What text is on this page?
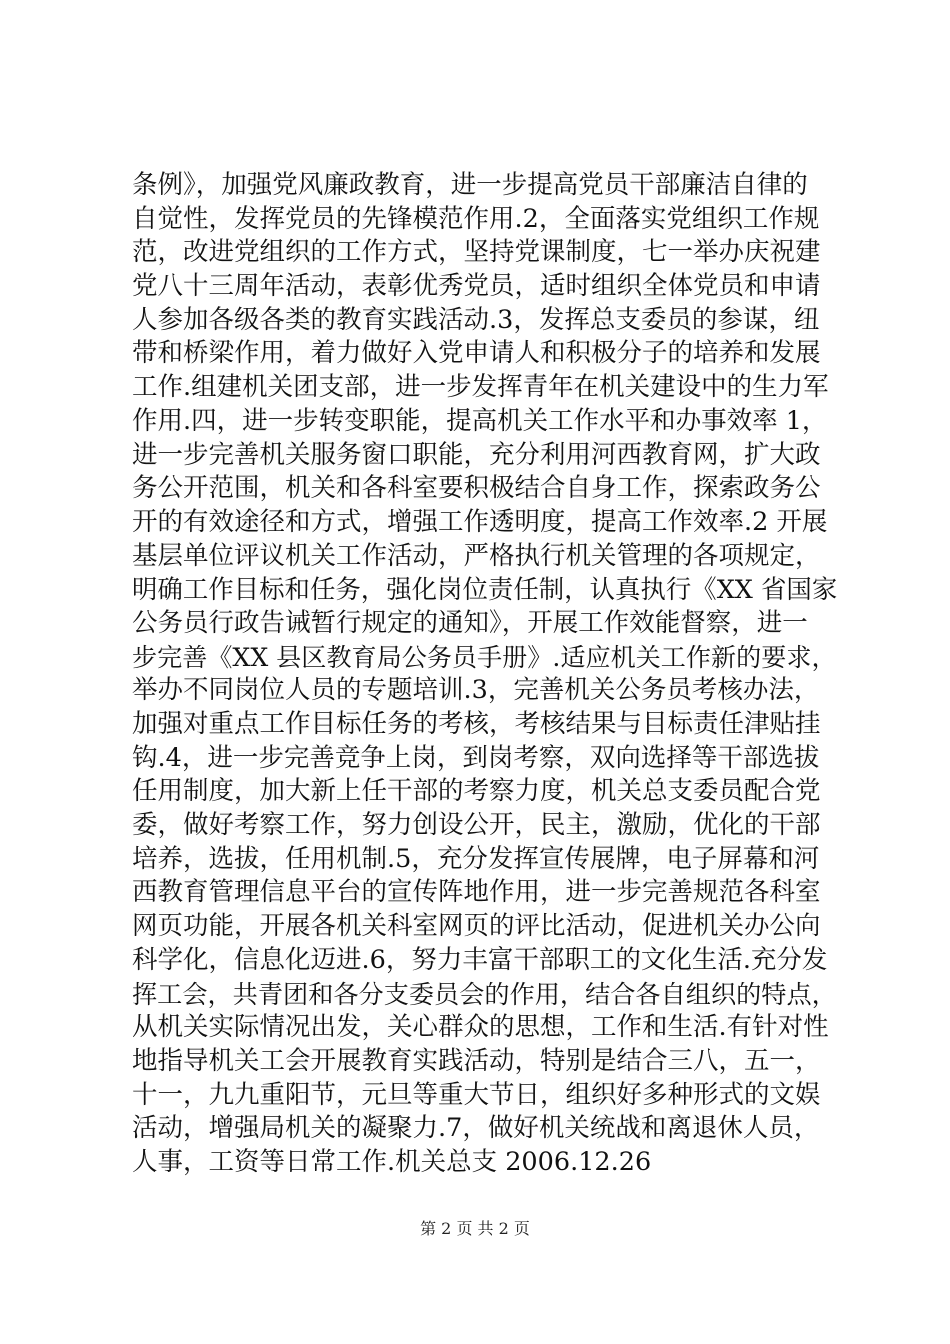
条例》，加强党风廉政教育，进一步提高党员干部廉洁自律的
自觉性，发挥党员的先锋模范作用.2，全面落实党组织工作规
范，改进党组织的工作方式，坚持党课制度，七一举办庆祝建
党八十三周年活动，表彰优秀党员，适时组织全体党员和申请
人参加各级各类的教育实践活动.3，发挥总支委员的参谋，纽
带和桥梁作用，着力做好入党申请人和积极分子的培养和发展
工作.组建机关团支部，进一步发挥青年在机关建设中的生力军
作用.四，进一步转变职能，提高机关工作水平和办事效率 1，
进一步完善机关服务窗口职能，充分利用河西教育网，扩大政
务公开范围，机关和各科室要积极结合自身工作，探索政务公
开的有效途径和方式，增强工作透明度，提高工作效率.2 开展
基层单位评议机关工作活动，严格执行机关管理的各项规定，
明确工作目标和任务，强化岗位责任制，认真执行《XX 省国家
公务员行政告诫暂行规定的通知》，开展工作效能督察，进一
步完善《XX 县区教育局公务员手册》.适应机关工作新的要求，
举办不同岗位人员的专题培训.3，完善机关公务员考核办法，
加强对重点工作目标任务的考核，考核结果与目标责任津贴挂
钩.4，进一步完善竞争上岗，到岗考察，双向选择等干部选拔
任用制度，加大新上任干部的考察力度，机关总支委员配合党
委，做好考察工作，努力创设公开，民主，激励，优化的干部
培养，选拔，任用机制.5，充分发挥宣传展牌，电子屏幕和河
西教育管理信息平台的宣传阵地作用，进一步完善规范各科室
网页功能，开展各机关科室网页的评比活动，促进机关办公向
科学化，信息化迈进.6，努力丰富干部职工的文化生活.充分发
挥工会，共青团和各分支委员会的作用，结合各自组织的特点，
从机关实际情况出发，关心群众的思想，工作和生活.有针对性
地指导机关工会开展教育实践活动，特别是结合三八，五一，
十一，九九重阳节，元旦等重大节日，组织好多种形式的文娱
活动，增强局机关的凝聚力.7，做好机关统战和离退休人员，
人事，工资等日常工作.机关总支 2006.12.26
第 2 页 共 2 页
